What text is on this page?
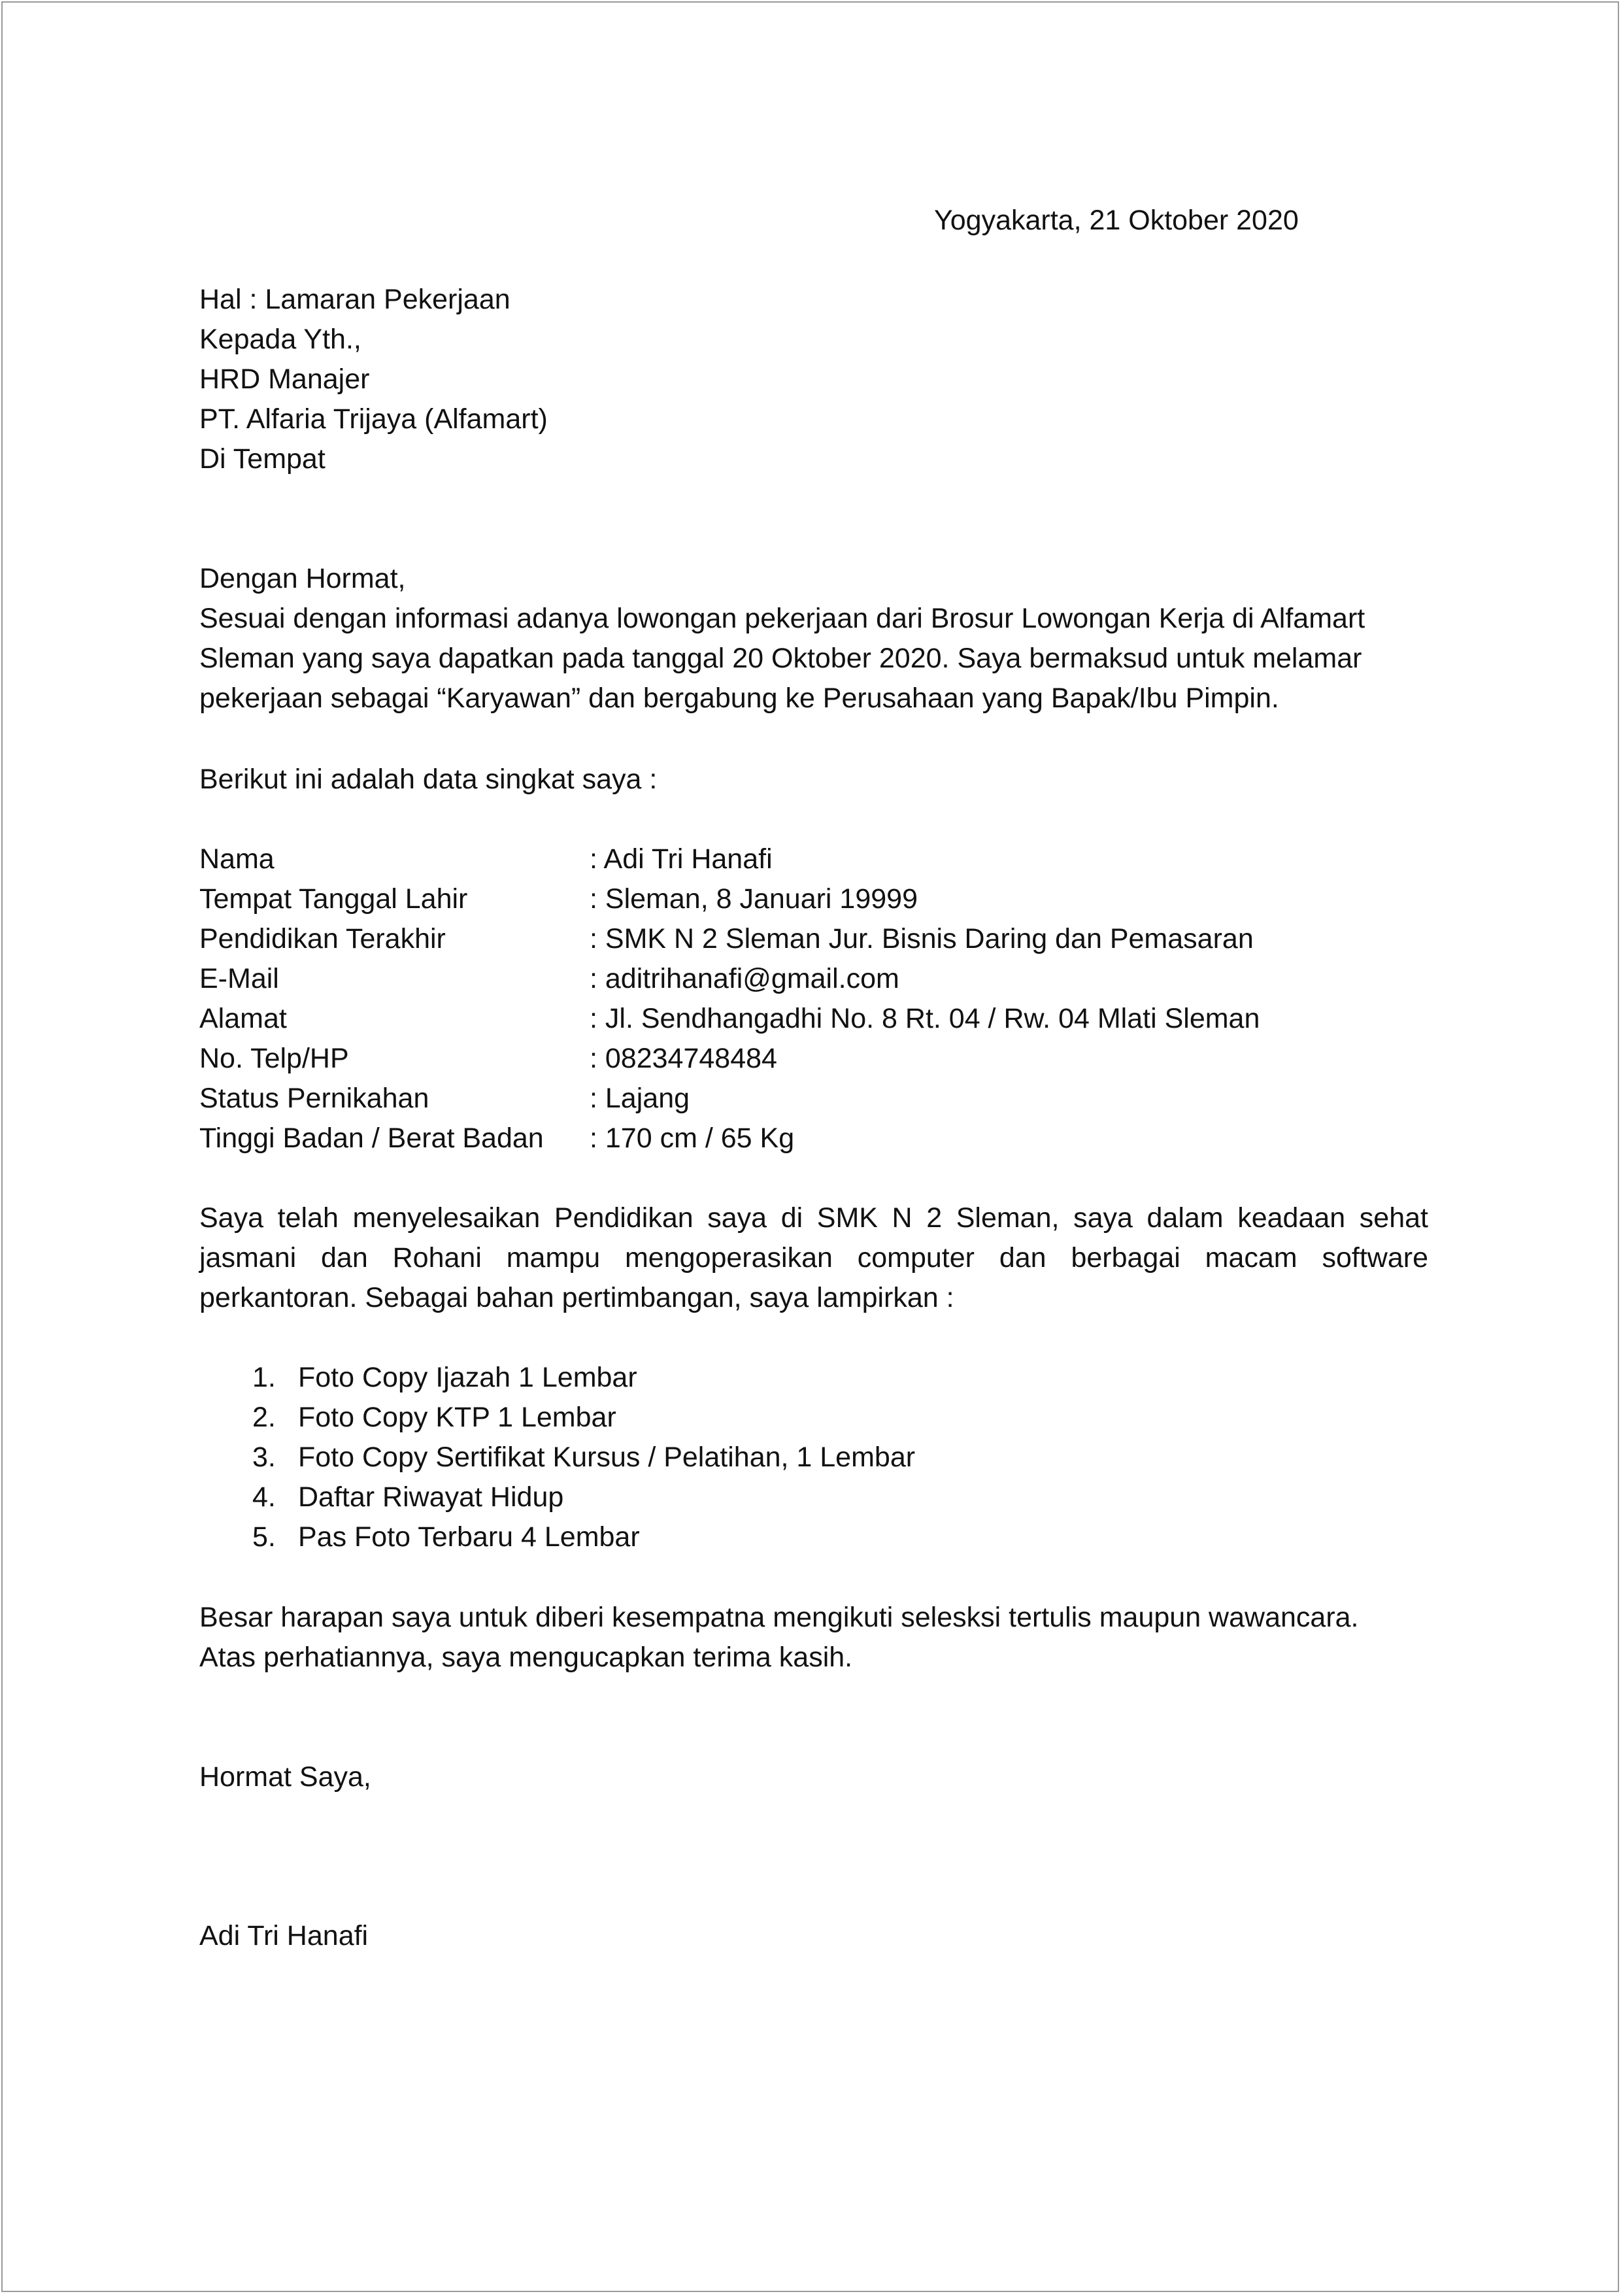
Yogyakarta, 21 Oktober 2020

Hal : Lamaran Pekerjaan
Kepada Yth.,
HRD Manajer
PT. Alfaria Trijaya (Alfamart)
Di Tempat
Dengan Hormat,
Sesuai dengan informasi adanya lowongan pekerjaan dari Brosur Lowongan Kerja di Alfamart
Sleman yang saya dapatkan pada tanggal 20 Oktober 2020. Saya bermaksud untuk melamar
pekerjaan sebagai “Karyawan” dan bergabung ke Perusahaan yang Bapak/Ibu Pimpin.

Berikut ini adalah data singkat saya :

Nama	: Adi Tri Hanafi
Tempat Tanggal Lahir	: Sleman, 8 Januari 19999
Pendidikan Terakhir	: SMK N 2 Sleman Jur. Bisnis Daring dan Pemasaran
E-Mail	: aditrihanafi@gmail.com
Alamat	: Jl. Sendhangadhi No. 8 Rt. 04 / Rw. 04 Mlati Sleman
No. Telp/HP	: 08234748484
Status Pernikahan	: Lajang
Tinggi Badan / Berat Badan	: 170 cm / 65 Kg

Saya telah menyelesaikan Pendidikan saya di SMK N 2 Sleman, saya dalam keadaan sehat jasmani dan Rohani mampu mengoperasikan computer dan berbagai macam software perkantoran. Sebagai bahan pertimbangan, saya lampirkan :

1. Foto Copy Ijazah 1 Lembar
2. Foto Copy KTP 1 Lembar
3. Foto Copy Sertifikat Kursus / Pelatihan, 1 Lembar
4. Daftar Riwayat Hidup
5. Pas Foto Terbaru 4 Lembar
Besar harapan saya untuk diberi kesempatna mengikuti selesksi tertulis maupun wawancara.
Atas perhatiannya, saya mengucapkan terima kasih.

Hormat Saya,

Adi Tri Hanafi
